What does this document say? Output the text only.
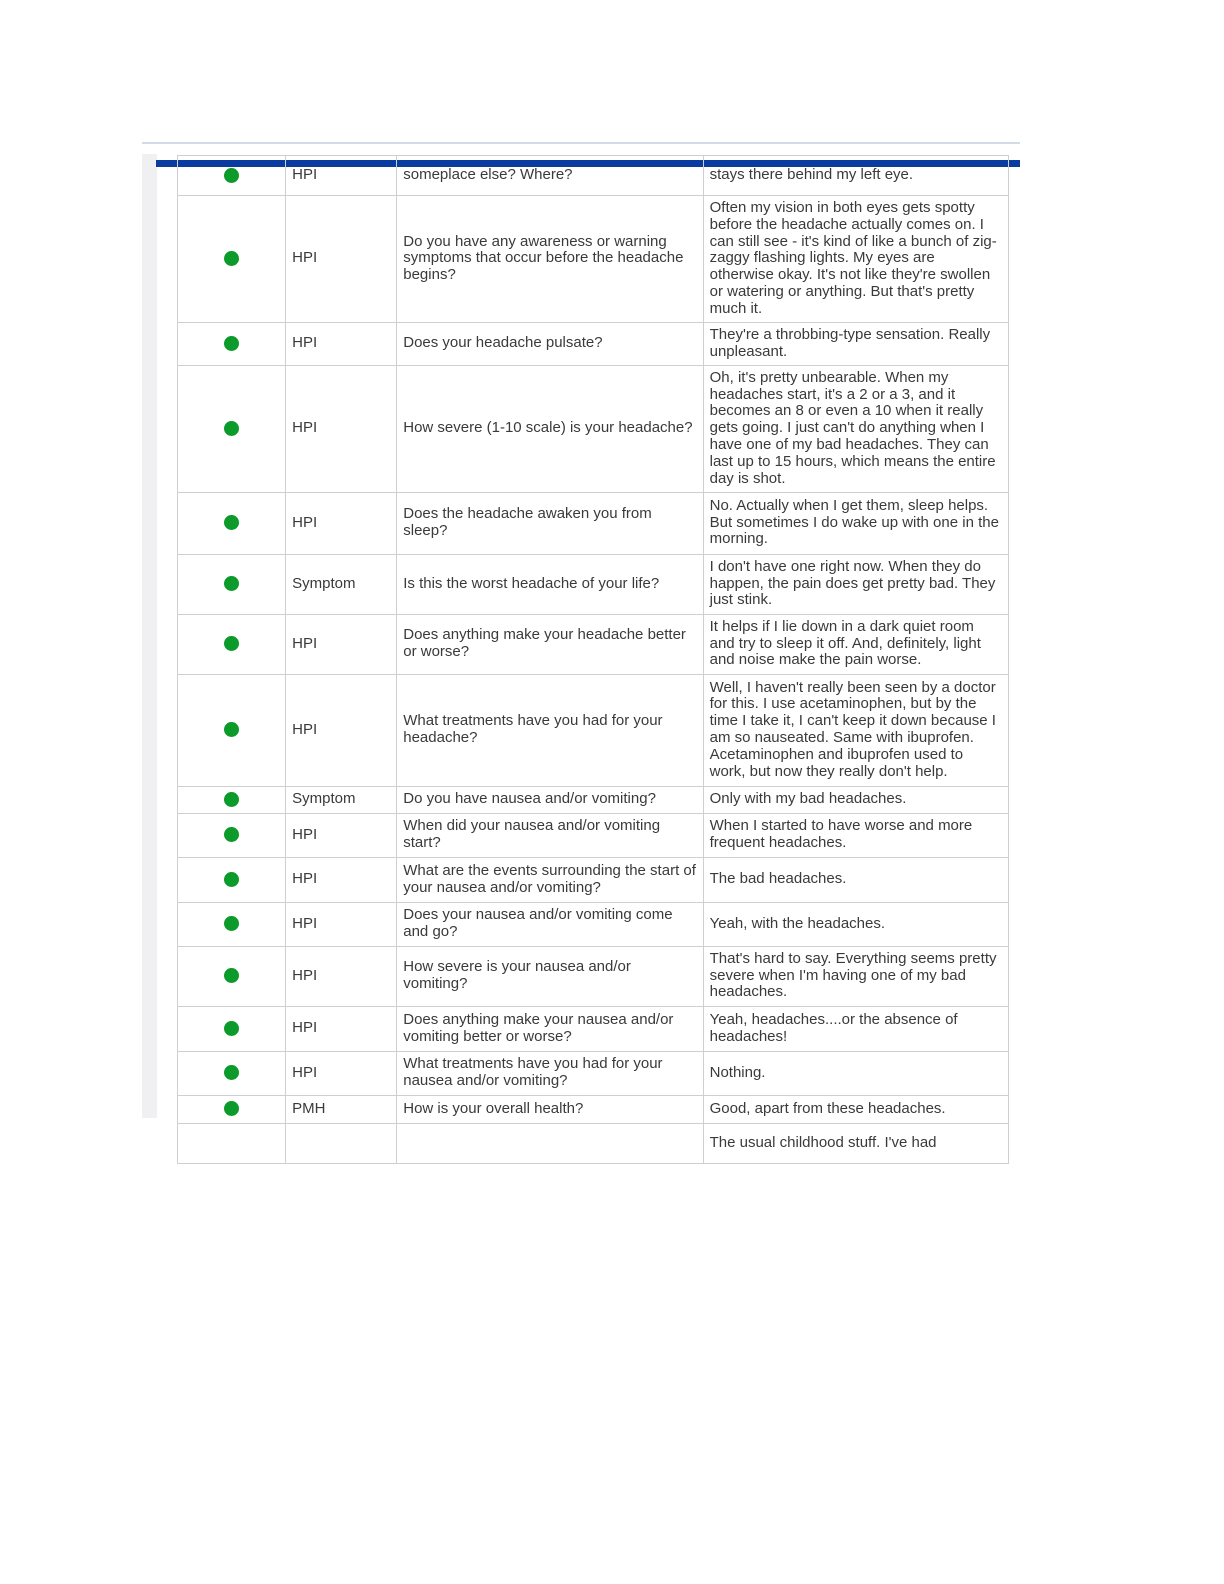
	HPI	someplace else? Where?	stays there behind my left eye.
	HPI	Do you have any awareness or warning symptoms that occur before the headache begins?	Often my vision in both eyes gets spotty before the headache actually comes on. I can still see - it's kind of like a bunch of zig-zaggy flashing lights. My eyes are otherwise okay. It's not like they're swollen or watering or anything. But that's pretty much it.
	HPI	Does your headache pulsate?	They're a throbbing-type sensation. Really unpleasant.
	HPI	How severe (1-10 scale) is your headache?	Oh, it's pretty unbearable. When my headaches start, it's a 2 or a 3, and it becomes an 8 or even a 10 when it really gets going. I just can't do anything when I have one of my bad headaches. They can last up to 15 hours, which means the entire day is shot.
	HPI	Does the headache awaken you from sleep?	No. Actually when I get them, sleep helps. But sometimes I do wake up with one in the morning.
	Symptom	Is this the worst headache of your life?	I don't have one right now. When they do happen, the pain does get pretty bad. They just stink.
	HPI	Does anything make your headache better or worse?	It helps if I lie down in a dark quiet room and try to sleep it off. And, definitely, light and noise make the pain worse.
	HPI	What treatments have you had for your headache?	Well, I haven't really been seen by a doctor for this. I use acetaminophen, but by the time I take it, I can't keep it down because I am so nauseated. Same with ibuprofen. Acetaminophen and ibuprofen used to work, but now they really don't help.
	Symptom	Do you have nausea and/or vomiting?	Only with my bad headaches.
	HPI	When did your nausea and/or vomiting start?	When I started to have worse and more frequent headaches.
	HPI	What are the events surrounding the start of your nausea and/or vomiting?	The bad headaches.
	HPI	Does your nausea and/or vomiting come and go?	Yeah, with the headaches.
	HPI	How severe is your nausea and/or vomiting?	That's hard to say. Everything seems pretty severe when I'm having one of my bad headaches.
	HPI	Does anything make your nausea and/or vomiting better or worse?	Yeah, headaches....or the absence of headaches!
	HPI	What treatments have you had for your nausea and/or vomiting?	Nothing.
	PMH	How is your overall health?	Good, apart from these headaches.
			The usual childhood stuff. I've had
